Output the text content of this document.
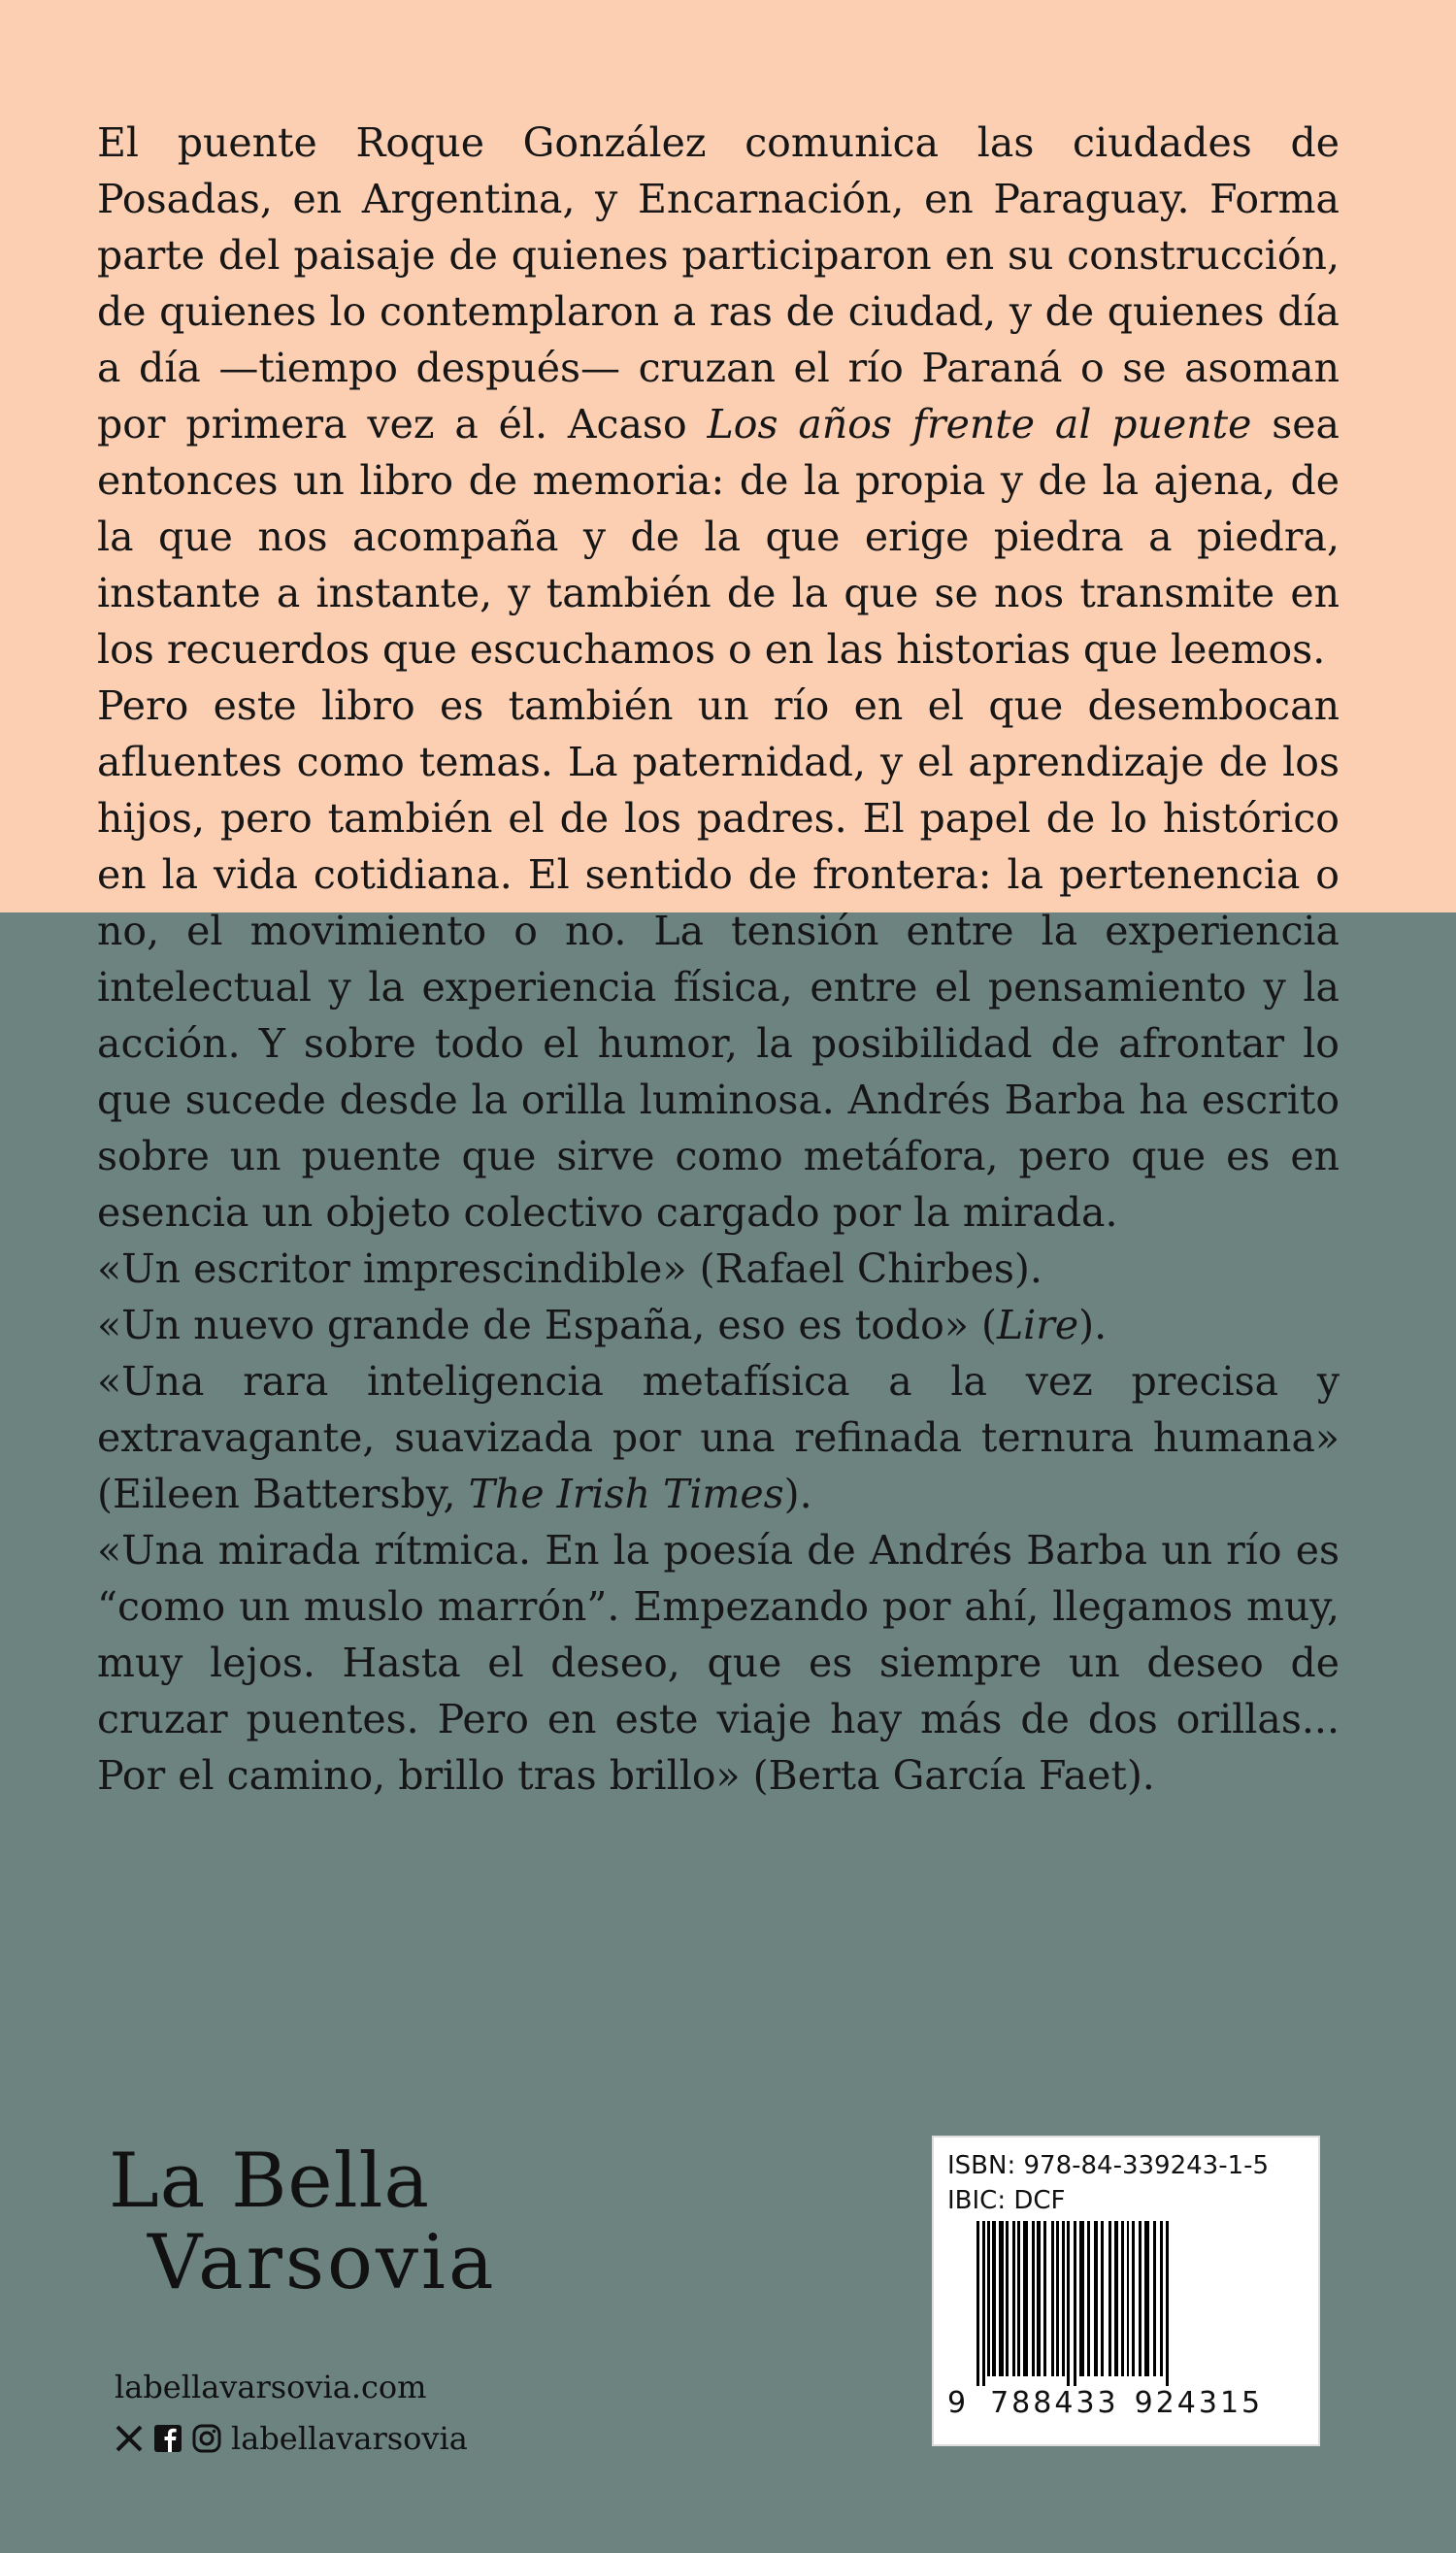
El puente Roque González comunica las ciudades de Posadas, en Argentina, y Encarnación, en Paraguay. Forma parte del paisaje de quienes participaron en su construcción, de quienes lo contemplaron a ras de ciudad, y de quienes día a día —tiempo después— cruzan el río Paraná o se asoman por primera vez a él. Acaso Los años frente al puente sea entonces un libro de memoria: de la propia y de la ajena, de la que nos acompaña y de la que erige piedra a piedra, instante a instante, y también de la que se nos transmite en los recuerdos que escuchamos o en las historias que leemos.

Pero este libro es también un río en el que desembocan afluentes como temas. La paternidad, y el aprendizaje de los hijos, pero también el de los padres. El papel de lo histórico en la vida cotidiana. El sentido de frontera: la pertenencia o no, el movimiento o no. La tensión entre la experiencia intelectual y la experiencia física, entre el pensamiento y la acción. Y sobre todo el humor, la posibilidad de afrontar lo que sucede desde la orilla luminosa. Andrés Barba ha escrito sobre un puente que sirve como metáfora, pero que es en esencia un objeto colectivo cargado por la mirada.

«Un escritor imprescindible» (Rafael Chirbes).

«Un nuevo grande de España, eso es todo» (Lire).

«Una rara inteligencia metafísica a la vez precisa y extravagante, suavizada por una refinada ternura humana» (Eileen Battersby, The Irish Times).

«Una mirada rítmica. En la poesía de Andrés Barba un río es “como un muslo marrón”. Empezando por ahí, llegamos muy, muy lejos. Hasta el deseo, que es siempre un deseo de cruzar puentes. Pero en este viaje hay más de dos orillas... Por el camino, brillo tras brillo» (Berta García Faet).

La Bella
Varsovia
labellavarsovia.com
labellavarsovia
ISBN: 978-84-339243-1-5
IBIC: DCF
9 788433 924315
